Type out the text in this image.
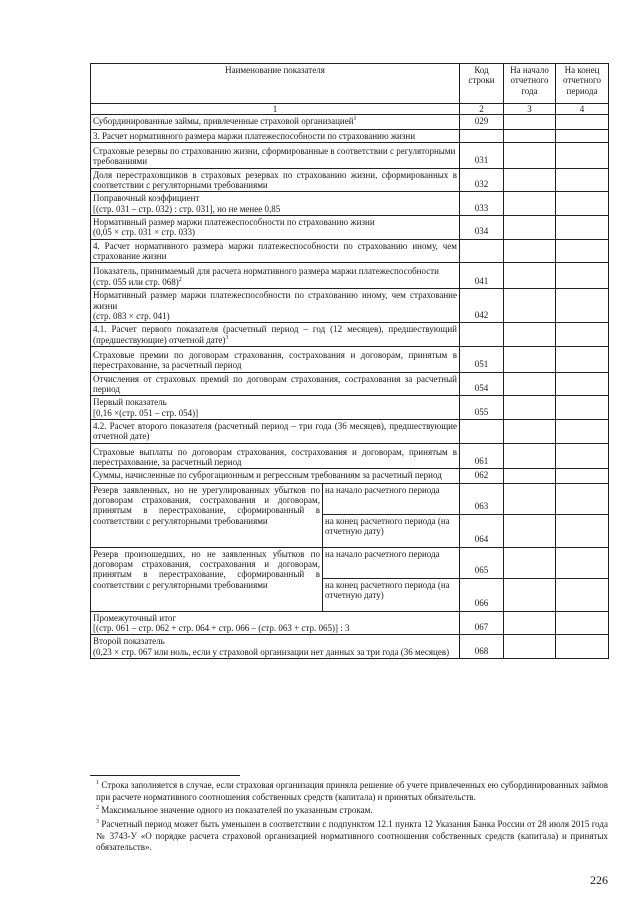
Наименование показателя		Код строки	На начало отчетного года	На конец отчетного периода
1		2	3	4
Субординированные займы, привлеченные страховой организацией$^1$		029		
3. Расчет нормативного размера маржи платежеспособности по страхованию жизни				
Страховые резервы по страхованию жизни, сформированные в соответствии с регуляторными требованиями		031		
Доля перестраховщиков в страховых резервах по страхованию жизни, сформированных в соответствии с регуляторными требованиями		032		

Поправочный коэффициент
[(стр. 031 – стр. 032) : стр. 031], но не менее 0,85		033		

Нормативный размер маржи платежеспособности по страхованию жизни
(0,05 × стр. 031 × стр. 033)		034		
4. Расчет нормативного размера маржи платежеспособности по страхованию иному, чем страхование жизни				

Показатель, принимаемый для расчета нормативного размера маржи платежеспособности
(стр. 055 или стр. 068)$^2$		041		

Нормативный размер маржи платежеспособности по страхованию иному, чем страхование жизни
(стр. 083 × стр. 041)		042		
4.1. Расчет первого показателя (расчетный период – год (12 месяцев), предшествующий (предшествующие) отчетной дате)$^3$			
Страховые премии по договорам страхования, сострахования и договорам, принятым в перестрахование, за расчетный период		051		
Отчисления от страховых премий по договорам страхования, сострахования за расчетный период		054		

Первый показатель
[0,16 ×(стр. 051 – стр. 054)]		055		
4.2. Расчет второго показателя (расчетный период – три года (36 месяцев), предшествующие отчетной дате)				
Страховые выплаты по договорам страхования, сострахования и договорам, принятым в перестрахование, за расчетный период		061		
Суммы, начисленные по суброгационным и регрессным требованиям за расчетный период		062		
Резерв заявленных, но не урегулированных убытков по договорам страхования, сострахования и договорам, принятым в перестрахование, сформированный в соответствии с регуляторными требованиями	на начало расчетного периода	063		
	на конец расчетного периода (на отчетную дату)	064		
Резерв произошедших, но не заявленных убытков по договорам страхования, сострахования и договорам, принятым в перестрахование, сформированный в соответствии с регуляторными требованиями	на начало расчетного периода	065		
	на конец расчетного периода (на отчетную дату)	066		

Промежуточный итог
[(стр. 061 – стр. 062 + стр. 064 + стр. 066 – (стр. 063 + стр. 065)] : 3		067		

Второй показатель
(0,23 × стр. 067 или ноль, если у страховой организации нет данных за три года (36 месяцев)		068		

$^1$ Строка заполняется в случае, если страховая организация приняла решение об учете привлеченных ею субординированных займов при расчете нормативного соотношения собственных средств (капитала) и принятых обязательств.

$^2$ Максимальное значение одного из показателей по указанным строкам.

$^3$ Расчетный период может быть уменьшен в соответствии с подпунктом 12.1 пункта 12 Указания Банка России от 28 июля 2015 года № 3743-У «О порядке расчета страховой организацией нормативного соотношения собственных средств (капитала) и принятых обязательств».

226
